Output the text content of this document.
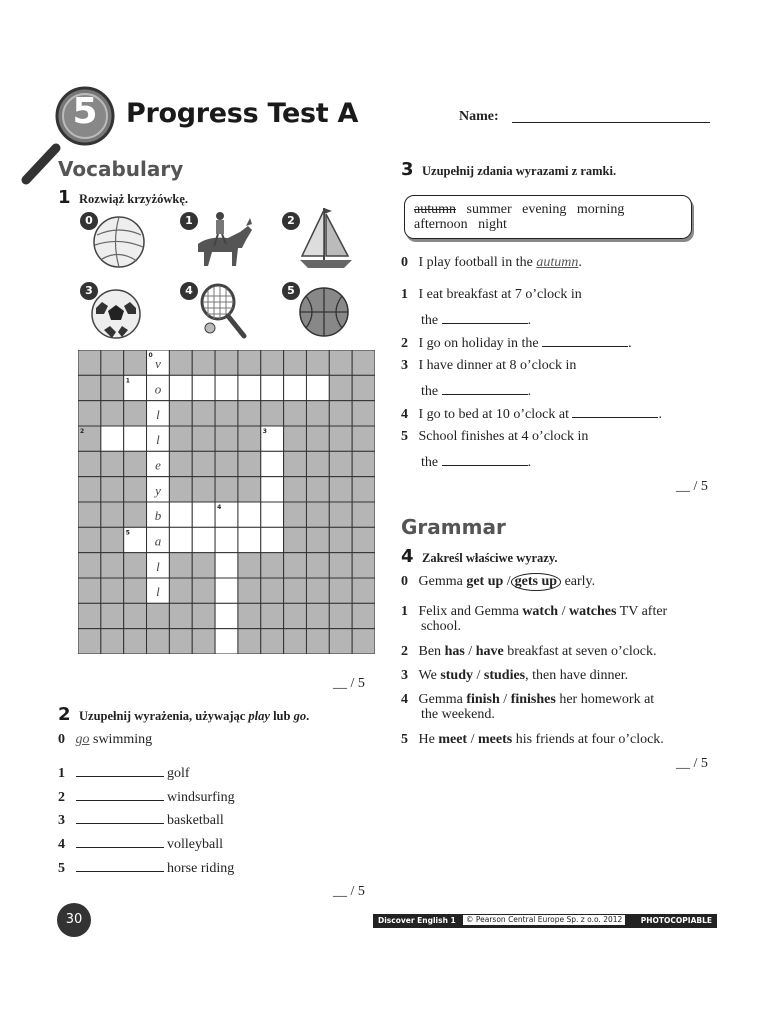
5 Progress Test A	Name:
Vocabulary
1 Rozwiąż krzyżówkę.
0	1	2
3	4	5
v
o
l
l
e
y
b
a
l
l
0
1
2	3
4
5
__ / 5
2 Uzupełnij wyrażenia, używając play lub go.
0 go swimming
1	golf
2	windsurfing
3	basketball
4	volleyball
5	horse riding
__ / 5
3 Uzupełnij zdania wyrazami z ramki.
autumn summer   evening   morning
afternoon   night
0 I play football in the autumn.
1 I eat breakfast at 7 o’clock in
the	.
2 I go on holiday in the	.
3 I have dinner at 8 o’clock in
the	.
4 I go to bed at 10 o’clock at	.
5 School finishes at 4 o’clock in
the	.
__ / 5
Grammar
4 Zakreśl właściwe wyrazy.
0 Gemma get up / gets up early.
1 Felix and Gemma watch / watches TV after
school.
2 Ben has / have breakfast at seven o’clock.
3 We study / studies, then have dinner.
4 Gemma finish / finishes her homework at
the weekend.
5 He meet / meets his friends at four o’clock.
__ / 5
30	Discover English 1	© Pearson Central Europe Sp. z o.o. 2012	PHOTOCOPIABLE
